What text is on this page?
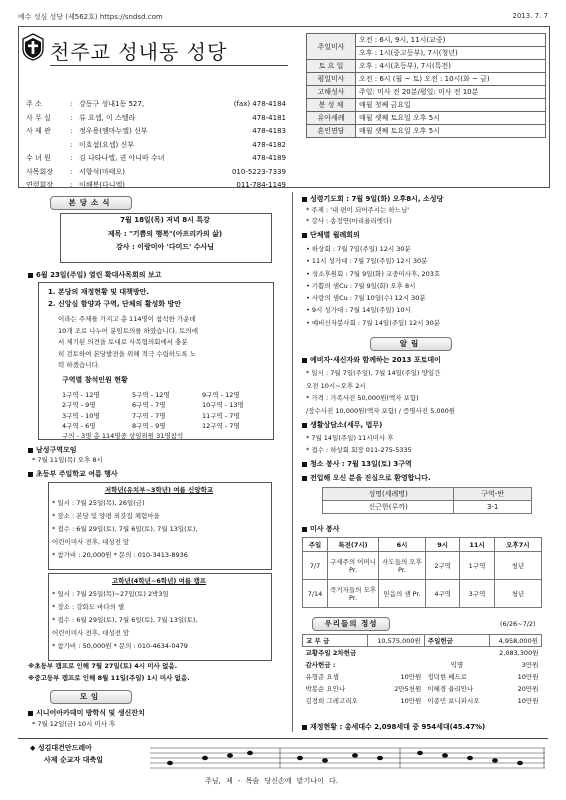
예수 성심 성당 (제562호) https://sndsd.com	2013. 7. 7
천주교 성내동 성당
주 소	: 강동구 성내1동 527,	(fax) 478-4184
사 무 실	: 류 요셉, 이 스텔라	478-4181
사 제 관	: 정우용(엠마누엘) 신부	478-4183
: 이호섭(요셉) 신부	478-4182
수 녀 원	: 김 나타나엘, 권 아니따 수녀	478-4189
사목회장	: 서향석(마태오)	010-5223-7339
연령회장	: 이해봉(다니엘)	011-784-1149
주일미사	오전 : 6시, 9시, 11시(교중)
	오후 : 1시(중고등부), 7시(청년)
토 요 일	오후 : 4시(초등부), 7시(특전)
평일미사	오전 : 6시 (월 ~ 토) 오전 : 10시(화 ~ 금)
고해성사	주일: 미사 전 20분/평일: 미사 전 10분
봉 성 체	매월 첫째 금요일
유아세례	매월 셋째 토요일 오후 5시
혼인면담	매월 셋째 토요일 오후 5시
본당소식
7월 18일(목) 저녁 8시 특강
제목 : "기쁨의 행복"(아프리카의 삶)
강사 : 이랑미아 '다미드' 수사님
6월 23일(주일) 열린 확대사목회의 보고
1. 본당의 재정현황 및 대책방안.
2. 신앙심 함양과 구역, 단체의 활성화 방안
이라는 주제를 가지고 총 114명이 참석한 가운데
10개 조로 나누어 분임토의를 하였습니다. 토의에
서 제기된 의견을 토대로 사목협의회에서 충분
히 검토하여 본당발전을 위해 적극 수립하도록 노
력 하겠습니다.
구역별 참석인원 현황
1구역 - 12명	5구역 - 12명	9구역 - 12명
2구역 - 9명	6구역 - 7명	10구역 - 13명
3구역 - 10명	7구역 - 7명	11구역 - 7명
4구역 - 6명	8구역 - 9명	12구역 - 7명
구의 - 3명 총 114명중 상임위원 31명참석
남성구역모임
* 7월 11일(목) 오후 8시
초등부 주일학교 여름 행사
저학년(유치부~3학년) 여름 신앙학교
* 일시 : 7월 25일(목), 26일(금)
* 장소 : 본당 및 양평 외갓집 체험마을
* 접수 : 6월 29일(토), 7월 6일(토), 7월 13일(토),
어린이미사 전후, 대성전 앞
* 참가비 : 20,000원 * 문의 : 010-3413-8936
고학년(4학년~6학년) 여름 캠프
* 일시 : 7월 25일(목)~27일(토) 2박3일
* 장소 : 강화도 바다의 별
* 접수 : 6월 29일(토), 7월 6일(토), 7월 13일(토),
어린이미사 전후, 대성전 앞
* 참가비 : 50,000원 * 문의 : 010-4634-0479
※초등부 캠프로 인해 7월 27일(토) 4시 미사 없음.
※중고등부 캠프로 인해 8월 11일(주일) 1시 미사 없음.
모임
시니어아카데미 방학식 및 생신잔치
* 7월 12일(금) 10시 미사 후
성령기도회 : 7월 9일(화) 오후8시, 소성당
* 주제 : '내 편이 되어주시는 하느님'
* 강사 : 송정연(마리율리엣다)
단체별 월례회의
• 하상회 : 7월 7일(주일) 12시 30분
• 11시 성가대 : 7월 7일(주일) 12시 30분
• 성소후원회 : 7월 9일(화) 교중미사후, 203호
• 기쁨의 샘Cu : 7월 9일(화) 오후 8시
• 사랑의 샘Cu : 7월 10일(수) 12시 30분
• 9시 성가대 : 7월 14일(주일) 10시
• 예비신자봉사회 : 7월 14일(주일) 12시 30분
알림
예비자·새신자와 함께하는 2013 포토데이
* 일시 : 7월 7일(주일), 7월 14일(주일) 양일간
오전 10시~오후 2시
* 가격 : 가족사진 50,000원(액자 포함)
/장수사진 10,000원(액자 포함) / 증명사진 5,000원
생활상담소(세무, 법무)
* 7월 14일(주일) 11시미사 후
* 접수 : 하상회 회장 011-275-5335
청소 봉사 : 7월 13일(토) 3구역
전입해 오신 분을 진심으로 환영합니다.
성명(세례명)	구역-반
신근한(루까)	3-1
미사 봉사
주일	특전(7시)	6시	9시	11시	오후7시
7/7	구세주의 어머니 Pr.	사도들의 모후 Pr.	2구역	1구역	청년
7/14	죽거자들의 모후 Pr.	믿음의 샘 Pr.	4구역	3구역	청년
우리들의 정성	(6/26~7/2)
교 무 금	10,575,000원	주일헌금	4,958,000원
교황주일 2차헌금			2,083,300원
감사헌금 :		익명	3만원
유형준 요셉	10만원	정덕현 베드로	10만원
박봉순 요안나	2만5천원	이혜경 율리안나	20만원
김정희 그레고리오	10만원	이종민 보니파시오	10만원
재정현황 : 총세대수 2,098세대 중 954세대(45.47%)
◆ 성김대건안드레아
사제 순교자 대축일
주님, 제 - 목숨 당신손에 맡기나이 다.
